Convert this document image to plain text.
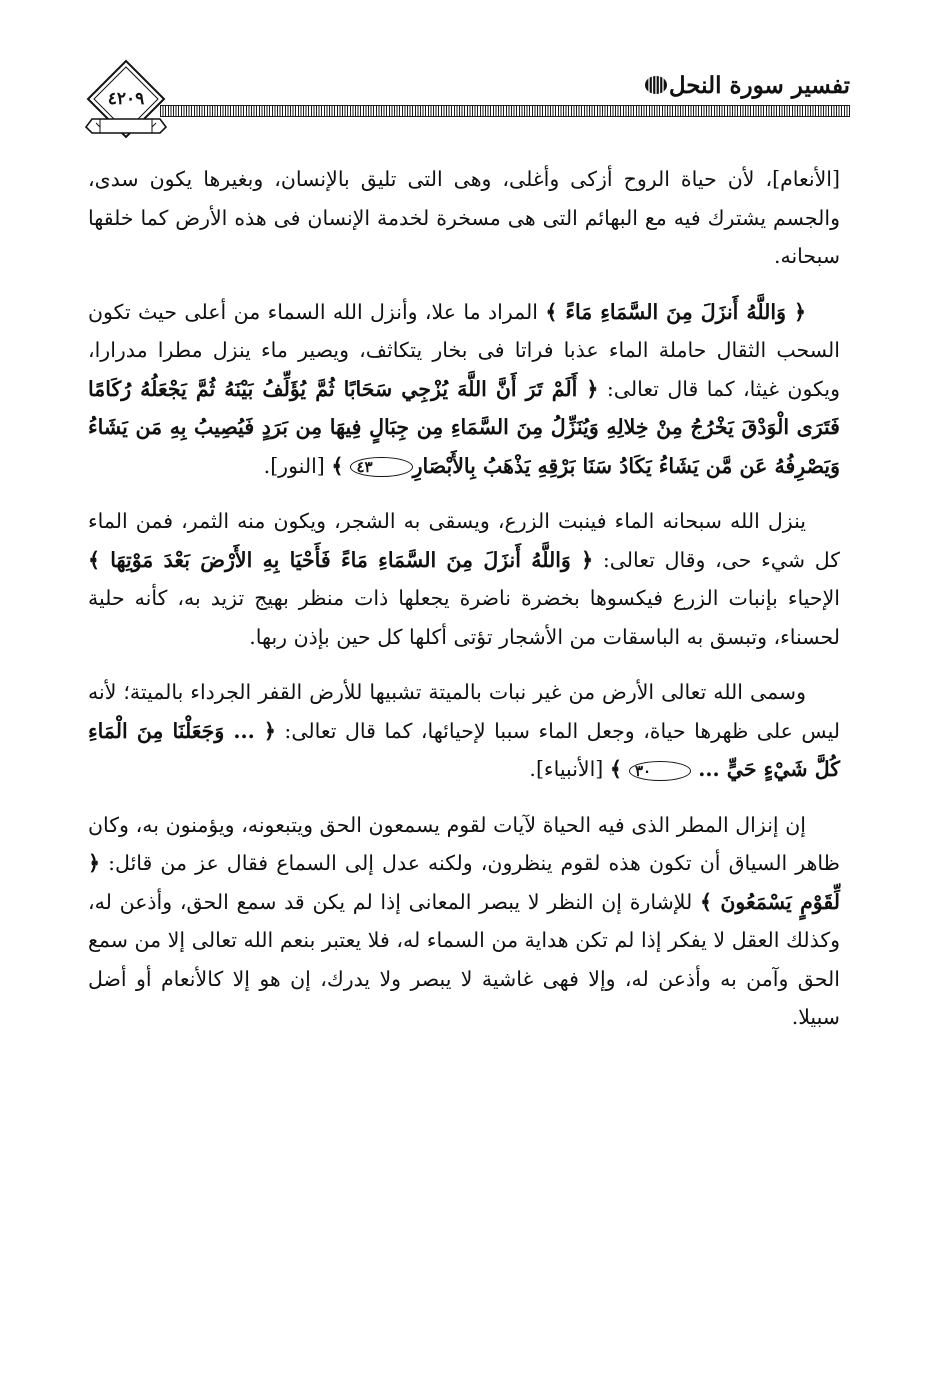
تفسير سورة النحل
٤٢٠٩

[الأنعام]، لأن حياة الروح أزكى وأغلى، وهى التى تليق بالإنسان، وبغيرها يكون سدى، والجسم يشترك فيه مع البهائم التى هى مسخرة لخدمة الإنسان فى هذه الأرض كما خلقها سبحانه.

﴿ وَاللَّهُ أَنزَلَ مِنَ السَّمَاءِ مَاءً ﴾ المراد ما علا، وأنزل الله السماء من أعلى حيث تكون السحب الثقال حاملة الماء عذبا فراتا فى بخار يتكاثف، ويصير ماء ينزل مطرا مدرارا، ويكون غيثا، كما قال تعالى: ﴿ أَلَمْ تَرَ أَنَّ اللَّهَ يُزْجِي سَحَابًا ثُمَّ يُؤَلِّفُ بَيْنَهُ ثُمَّ يَجْعَلُهُ رُكَامًا فَتَرَى الْوَدْقَ يَخْرُجُ مِنْ خِلالِهِ وَيُنَزِّلُ مِنَ السَّمَاءِ مِن جِبَالٍ فِيهَا مِن بَرَدٍ فَيُصِيبُ بِهِ مَن يَشَاءُ وَيَصْرِفُهُ عَن مَّن يَشَاءُ يَكَادُ سَنَا بَرْقِهِ يَذْهَبُ بِالأَبْصَارِ٤٣ ﴾ [النور].

ينزل الله سبحانه الماء فينبت الزرع، ويسقى به الشجر، ويكون منه الثمر، فمن الماء كل شيء حى، وقال تعالى: ﴿ وَاللَّهُ أَنزَلَ مِنَ السَّمَاءِ مَاءً فَأَحْيَا بِهِ الأَرْضَ بَعْدَ مَوْتِهَا ﴾ الإحياء بإنبات الزرع فيكسوها بخضرة ناضرة يجعلها ذات منظر بهيج تزيد به، كأنه حلية لحسناء، وتبسق به الباسقات من الأشجار تؤتى أكلها كل حين بإذن ربها.

وسمى الله تعالى الأرض من غير نبات بالميتة تشبيها للأرض القفر الجرداء بالميتة؛ لأنه ليس على ظهرها حياة، وجعل الماء سببا لإحيائها، كما قال تعالى: ﴿ ... وَجَعَلْنَا مِنَ الْمَاءِ كُلَّ شَيْءٍ حَيٍّ ... ٣٠ ﴾ [الأنبياء].

إن إنزال المطر الذى فيه الحياة لآيات لقوم يسمعون الحق ويتبعونه، ويؤمنون به، وكان ظاهر السياق أن تكون هذه لقوم ينظرون، ولكنه عدل إلى السماع فقال عز من قائل: ﴿ لِّقَوْمٍ يَسْمَعُونَ ﴾ للإشارة إن النظر لا يبصر المعانى إذا لم يكن قد سمع الحق، وأذعن له، وكذلك العقل لا يفكر إذا لم تكن هداية من السماء له، فلا يعتبر بنعم الله تعالى إلا من سمع الحق وآمن به وأذعن له، وإلا فهى غاشية لا يبصر ولا يدرك، إن هو إلا كالأنعام أو أضل سبيلا.
